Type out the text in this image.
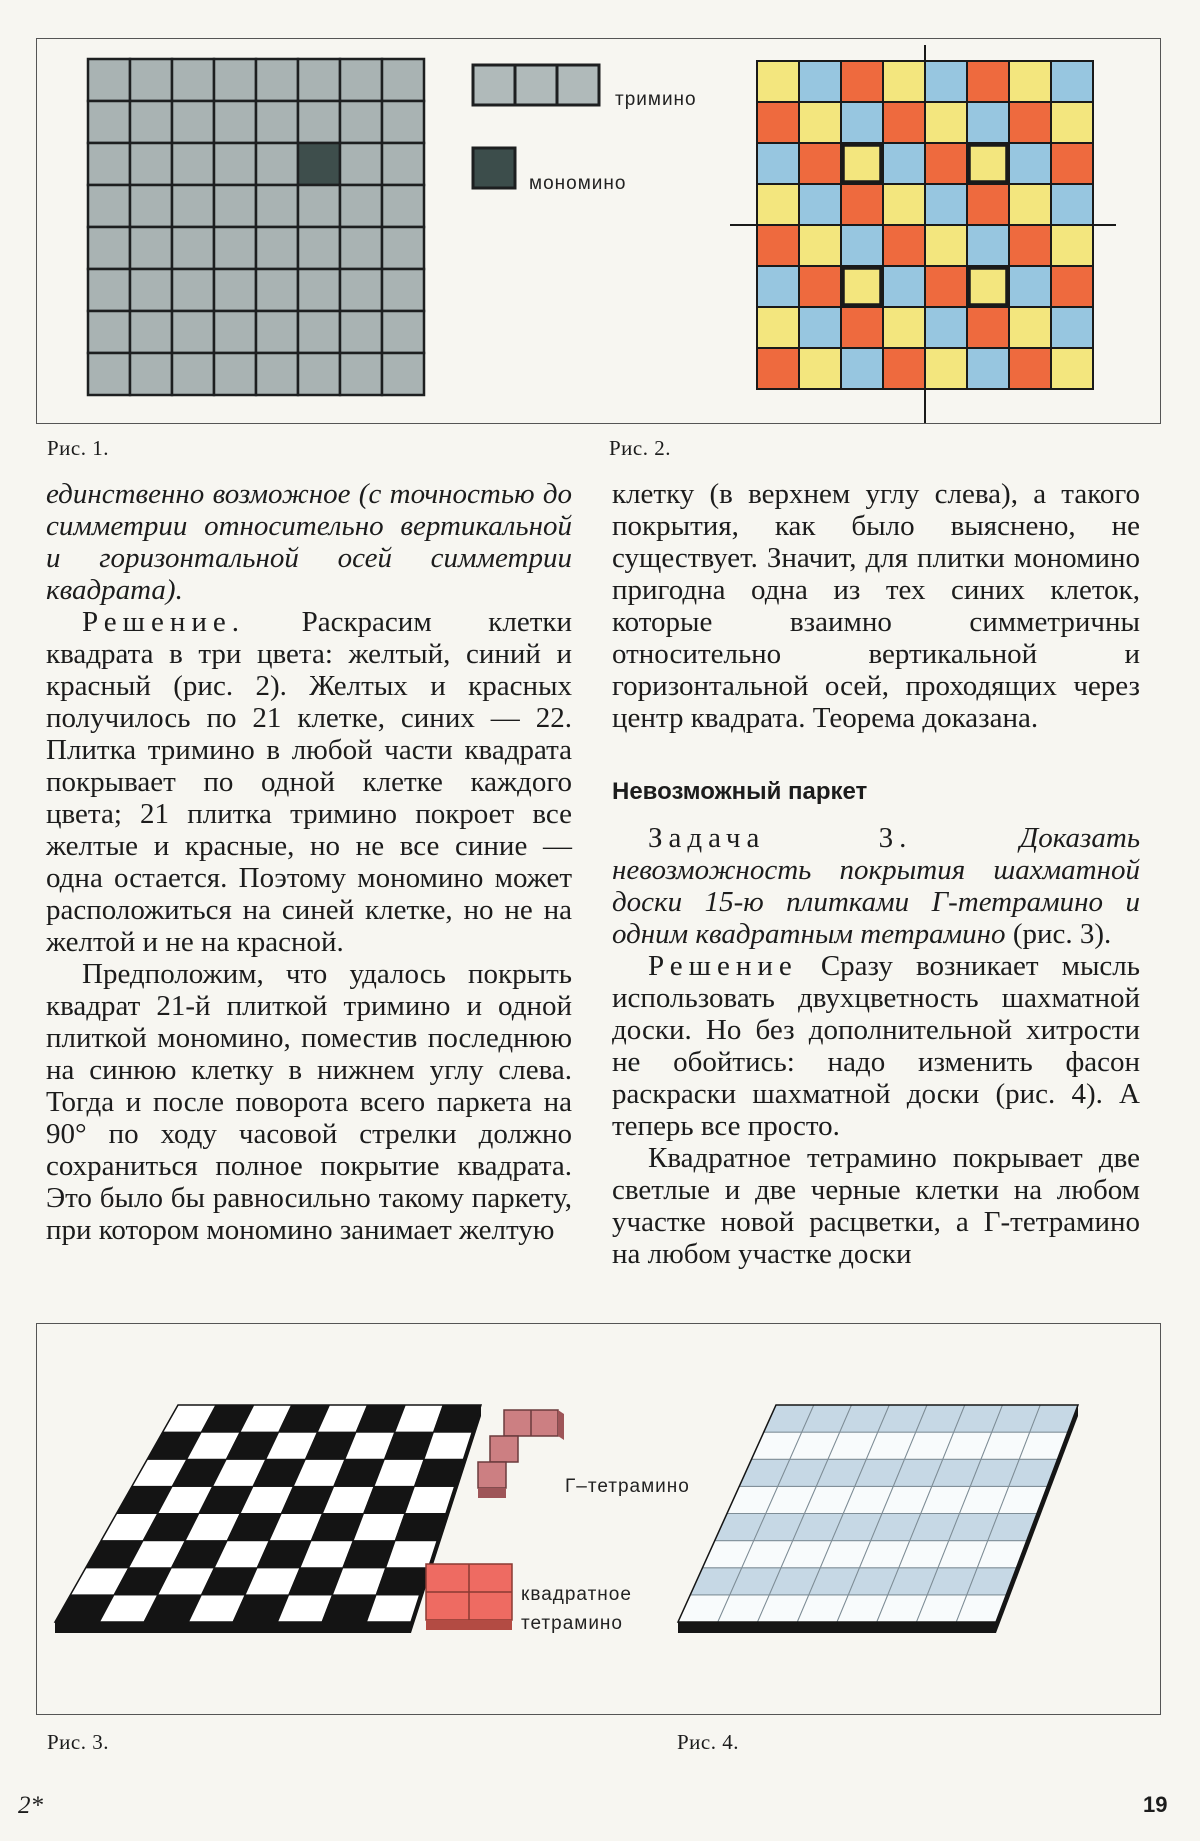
тримино
мономино
Рис. 1.	Рис. 2.

единственно возможное (с точностью до симметрии относительно вертикальной и горизонтальной осей симметрии квадрата).

Решение. Раскрасим клетки квадрата в три цвета: желтый, синий и красный (рис. 2). Желтых и красных получилось по 21 клетке, синих — 22. Плитка тримино в любой части квадрата покрывает по одной клетке каждого цвета; 21 плитка тримино покроет все желтые и красные, но не все синие — одна остается. Поэтому мономино может расположиться на синей клетке, но не на желтой и не на красной.

Предположим, что удалось покрыть квадрат 21-й плиткой тримино и одной плиткой мономино, поместив последнюю на синюю клетку в нижнем углу слева. Тогда и после поворота всего паркета на 90° по ходу часовой стрелки должно сохраниться полное покрытие квадрата. Это было бы равносильно такому паркету, при котором мономино занимает желтую

клетку (в верхнем углу слева), а такого покрытия, как было выяснено, не существует. Значит, для плитки мономино пригодна одна из тех синих клеток, которые взаимно симметричны относительно вертикальной и горизонтальной осей, проходящих через центр квадрата. Теорема доказана.

Невозможный паркет

Задача 3.	Доказать невозможность покрытия шахматной доски 15-ю плитками Г-тетрамино и одним квадратным тетрамино (рис. 3).

Решение Сразу возникает мысль использовать двухцветность шахматной доски. Но без дополнительной хитрости не обойтись: надо изменить фасон раскраски шахматной доски (рис. 4). А теперь все просто.

Квадратное тетрамино покрывает две светлые и две черные клетки на любом участке новой расцветки, а Г-тетрамино на любом участке доски

Г–тетрамино
квадратное
тетрамино
Рис. 3.	Рис. 4.
2*	19
